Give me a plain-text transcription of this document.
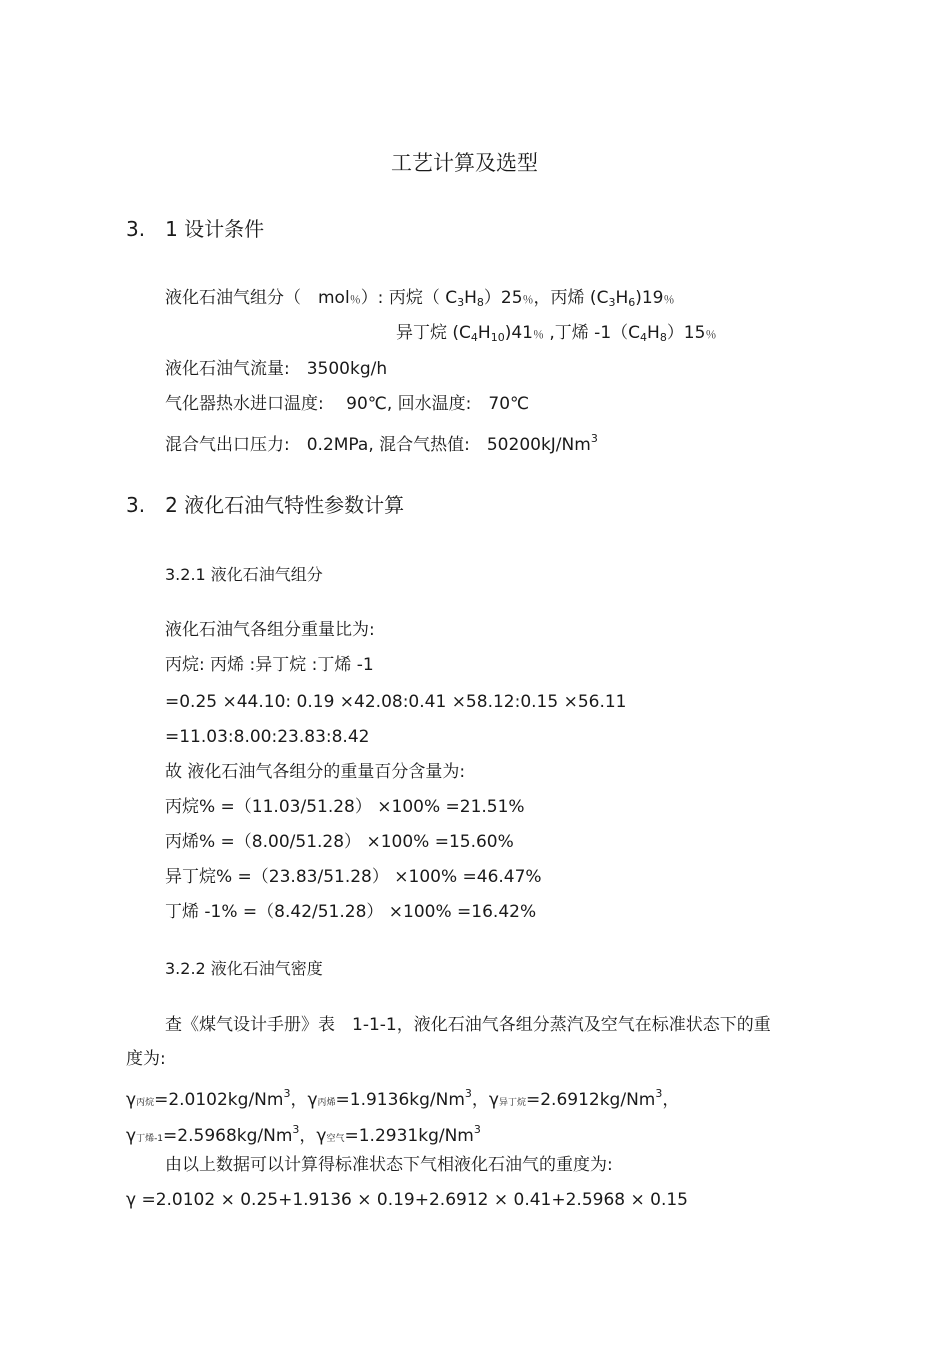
工艺计算及选型
3.　1 设计条件
液化石油气组分（　mol％）: 丙烷（ $C_3H_8)25$％，丙烯 $(C_3H_6)19$％
异丁烷 $(C_4H_{10})41$％ ,丁烯 $-1(C_4H_8)15$％
液化石油气流量:　3500kg/h
气化器热水进口温度:　 90℃, 回水温度:　70℃
混合气出口压力:　0.2MPa, 混合气热值:　50200kJ/Nm$^3$
3.　2 液化石油气特性参数计算
3.2.1 液化石油气组分
液化石油气各组分重量比为:
丙烷: 丙烯 :异丁烷 :丁烯 -1
=0.25 ×44.10: 0.19 ×42.08:0.41 ×58.12:0.15 ×56.11
=11.03:8.00:23.83:8.42
故 液化石油气各组分的重量百分含量为:
丙烷% =（11.03/51.28） ×100% =21.51%
丙烯% =（8.00/51.28） ×100% =15.60%
异丁烷% =（23.83/51.28） ×100% =46.47%
丁烯 -1% =（8.42/51.28） ×100% =16.42%
3.2.2 液化石油气密度
查《煤气设计手册》表　1-1-1，液化石油气各组分蒸汽及空气在标准状态下的重
度为:
γ丙烷$=2.0102kg/Nm^3$，γ丙烯$=1.9136kg/Nm^3$，γ异丁烷$=2.6912kg/Nm^3$，
γ丁烯$-1=2.5968kg/Nm^3$，γ空气$=1.2931kg/Nm^3$
由以上数据可以计算得标准状态下气相液化石油气的重度为:
γ =2.0102 × 0.25+1.9136 × 0.19+2.6912 × 0.41+2.5968 × 0.15
